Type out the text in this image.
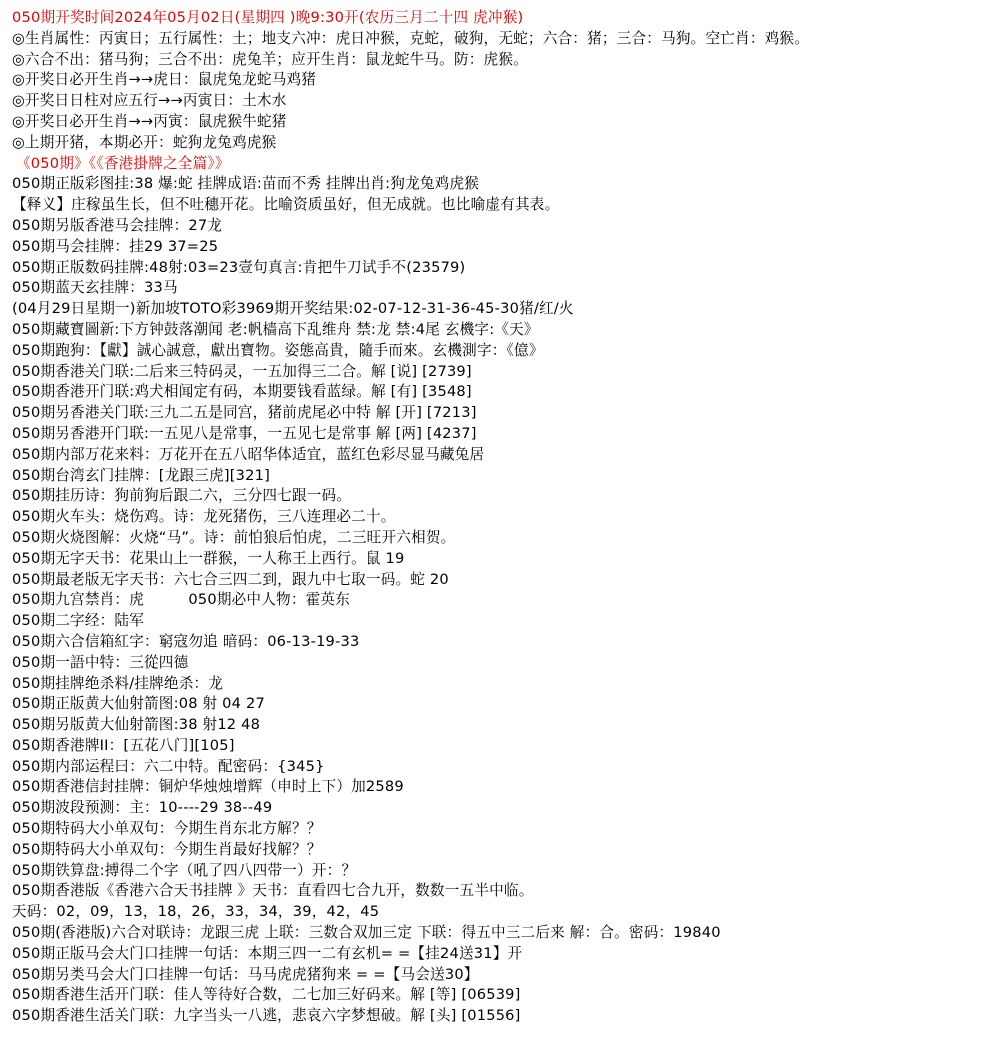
050期开奖时间2024年05月02日(星期四 )晚9:30开(农历三月二十四 虎冲猴)
◎生肖属性：丙寅日；五行属性：土；地支六冲：虎日冲猴，克蛇，破狗，无蛇；六合：猪；三合：马狗。空亡肖：鸡猴。
◎六合不出：猪马狗；三合不出：虎兔羊；应开生肖：鼠龙蛇牛马。防：虎猴。
◎开奖日必开生肖→→虎日：鼠虎兔龙蛇马鸡猪
◎开奖日日柱对应五行→→丙寅日：土木水
◎开奖日必开生肖→→丙寅：鼠虎猴牛蛇猪
◎上期开猪，本期必开：蛇狗龙兔鸡虎猴
《050期》《《香港掛牌之全篇》》
050期正版彩图挂:38 爆:蛇 挂牌成语:苗而不秀 挂牌出肖:狗龙兔鸡虎猴
【释义】庄稼虽生长，但不吐穗开花。比喻资质虽好，但无成就。也比喻虚有其表。
050期另版香港马会挂牌：27龙
050期马会挂牌：挂29 37=25
050期正版数码挂牌:48射:03=23壹句真言:肯把牛刀试手不(23579)
050期蓝天玄挂牌：33马
(04月29日星期一)新加坡TOTO彩3969期开奖结果:02-07-12-31-36-45-30猪/红/火
050期藏寶圖新:下方钟鼓落潮闻 老:帆樯高下乱维舟 禁:龙 禁:4尾 玄機字:《天》
050期跑狗：【獻】誠心誠意，獻出寶物。姿態高貴，隨手而來。玄機測字：《億》
050期香港关门联:二后来三特码灵，一五加得三二合。解 [说] [2739]
050期香港开门联:鸡犬相闻定有码，本期要钱看蓝绿。解 [有] [3548]
050期另香港关门联:三九二五是同宫，猪前虎尾必中特 解 [开] [7213]
050期另香港开门联:一五见八是常事，一五见七是常事 解 [两] [4237]
050期内部万花来料：万花开在五八昭华体适宜，蓝红色彩尽显马藏兔居
050期台湾玄门挂牌：[龙跟三虎][321]
050期挂历诗：狗前狗后跟二六，三分四七跟一码。
050期火车头：烧伤鸡。诗：龙死猪伤，三八连理必二十。
050期火烧图解：火烧“马”。诗：前怕狼后怕虎，二三旺开六相贺。
050期无字天书：花果山上一群猴，一人称王上西行。鼠 19
050期最老版无字天书：六七合三四二到，跟九中七取一码。蛇 20
050期九宫禁肖：虎　　　050期必中人物：霍英东
050期二字经：陆军
050期六合信箱紅字：窮寇勿追 暗码：06-13-19-33
050期一語中特：三從四德
050期挂牌绝杀料/挂牌绝杀：龙
050期正版黄大仙射箭图:08 射 04 27
050期另版黄大仙射箭图:38 射12 48
050期香港牌II：[五花八门][105]
050期内部运程曰：六二中特。配密码：{345}
050期香港信封挂牌：铜炉华烛烛增辉（申时上下）加2589
050期波段预测：主：10----29 38--49
050期特码大小单双句：今期生肖东北方解？？
050期特码大小单双句：今期生肖最好找解？？
050期铁算盘:搏得二个字（吼了四八四带一）开：？
050期香港版《香港六合天书挂牌 》天书：直看四七合九开，数数一五半中临。
天码：02，09，13，18，26，33，34，39，42，45
050期(香港版)六合对联诗：龙跟三虎 上联：三数合双加三定 下联：得五中三二后来 解：合。密码：19840
050期正版马会大门口挂牌一句话：本期三四一二有玄机= =【挂24送31】开
050期另类马会大门口挂牌一句话：马马虎虎猪狗来 = =【马会送30】
050期香港生活开门联：佳人等待好合数，二七加三好码来。解 [等] [06539]
050期香港生活关门联：九字当头一八逃，悲哀六字梦想破。解 [头] [01556]
